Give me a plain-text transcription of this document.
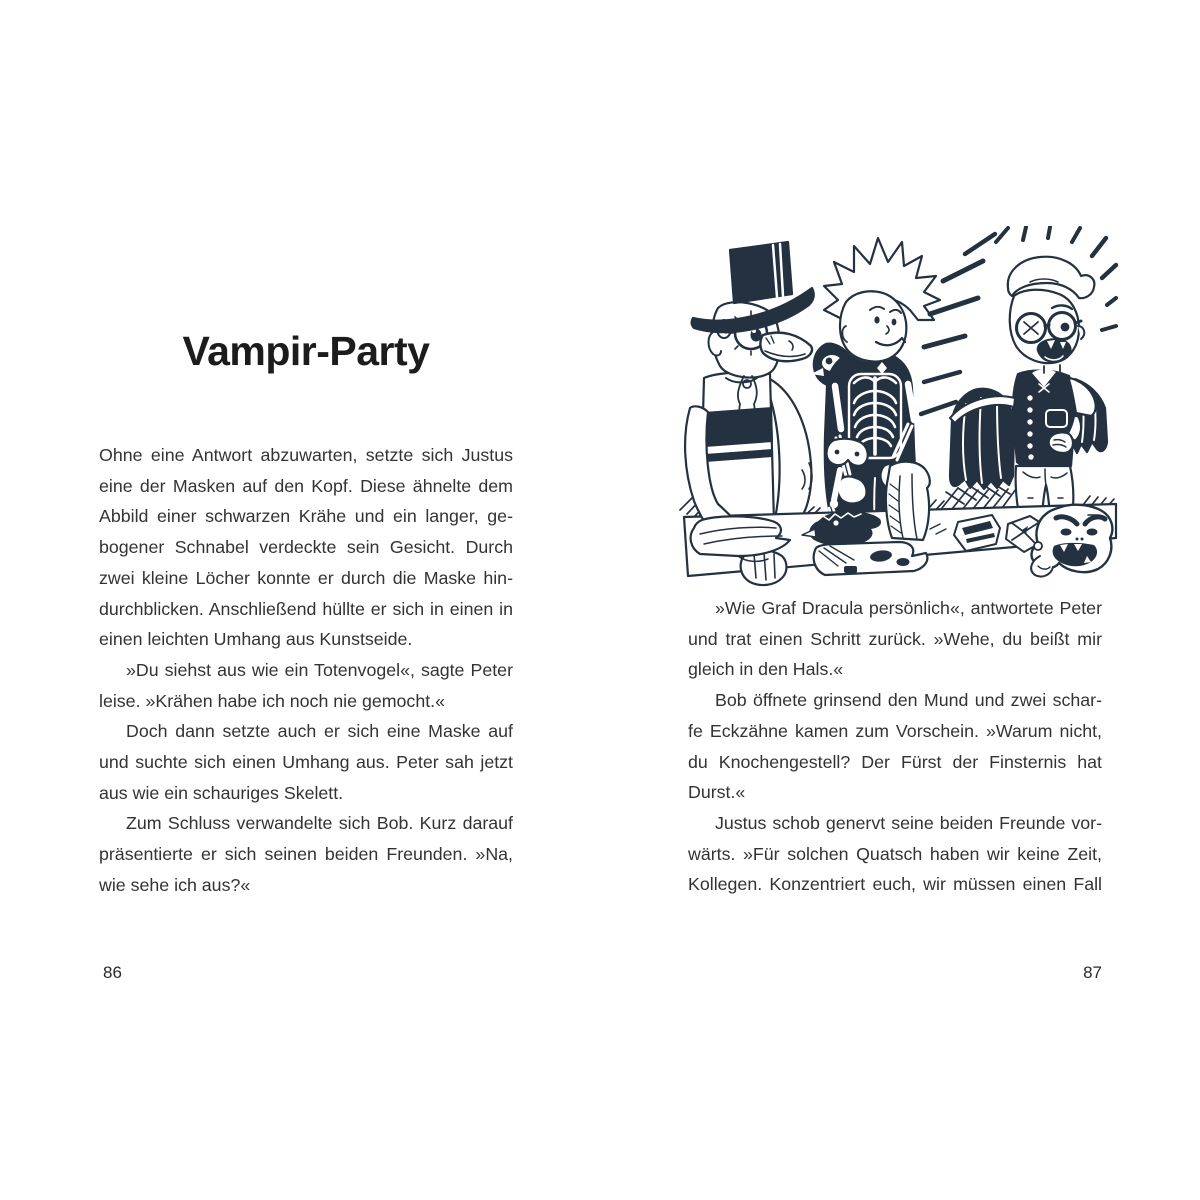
Vampir-Party
Ohne eine Antwort abzuwarten, setzte sich Justus
eine der Masken auf den Kopf. Diese ähnelte dem
Abbild einer schwarzen Krähe und ein langer, ge-
bogener Schnabel verdeckte sein Gesicht. Durch
zwei kleine Löcher konnte er durch die Maske hin-
durchblicken. Anschließend hüllte er sich in einen in
einen leichten Umhang aus Kunstseide.
»Du siehst aus wie ein Totenvogel«, sagte Peter
leise. »Krähen habe ich noch nie gemocht.«
Doch dann setzte auch er sich eine Maske auf
und suchte sich einen Umhang aus. Peter sah jetzt
aus wie ein schauriges Skelett.
Zum Schluss verwandelte sich Bob. Kurz darauf
präsentierte er sich seinen beiden Freunden. »Na,
wie sehe ich aus?«
86
»Wie Graf Dracula persönlich«, antwortete Peter
und trat einen Schritt zurück. »Wehe, du beißt mir
gleich in den Hals.«
Bob öffnete grinsend den Mund und zwei schar-
fe Eckzähne kamen zum Vorschein. »Warum nicht,
du Knochengestell? Der Fürst der Finsternis hat
Durst.«
Justus schob genervt seine beiden Freunde vor-
wärts. »Für solchen Quatsch haben wir keine Zeit,
Kollegen. Konzentriert euch, wir müssen einen Fall
87
